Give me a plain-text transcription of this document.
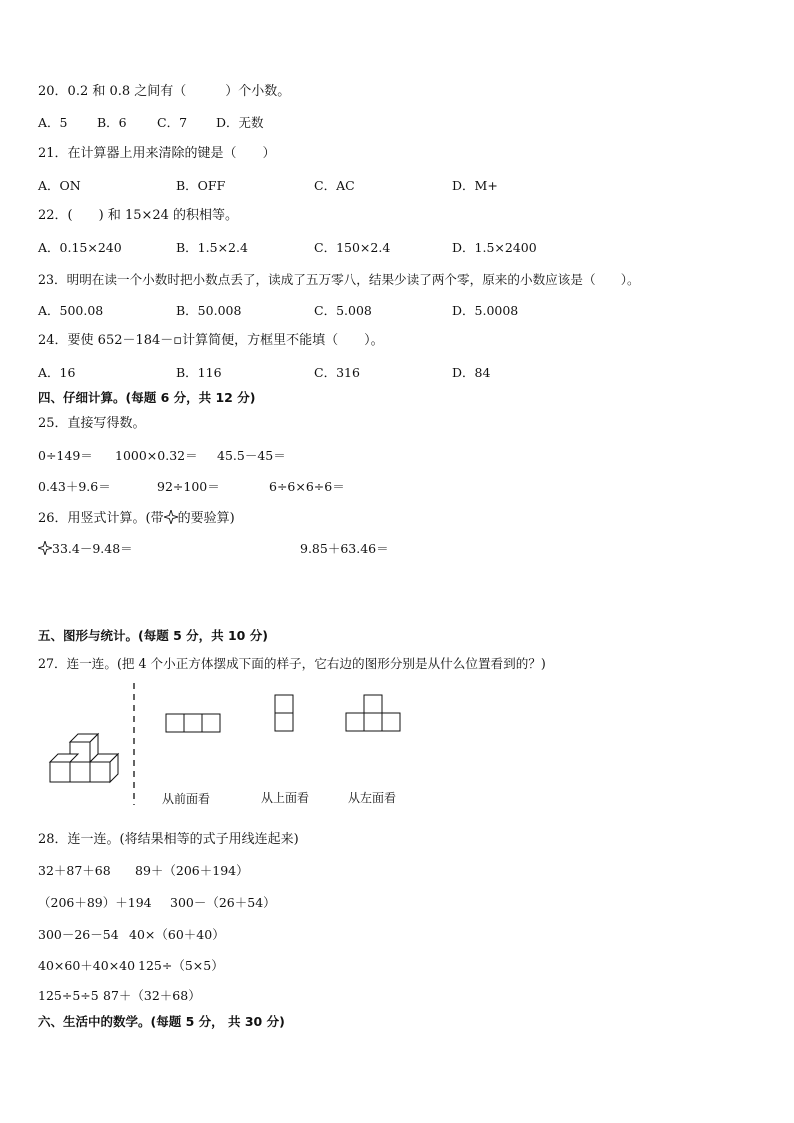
20．0.2 和 0.8 之间有（　　　）个小数。
A．5 B．6 C．7 D．无数
21．在计算器上用来清除的键是（　　）
A．ON	B．OFF	C．AC	D．M+
22．(　　) 和 15×24 的积相等。
A．0.15×240	B．1.5×2.4	C．150×2.4	D．1.5×2400
23．明明在读一个小数时把小数点丢了，读成了五万零八，结果少读了两个零，原来的小数应该是（　　）。
A．500.08	B．50.008	C．5.008	D．5.0008
24．要使 652－184－▫计算简便，方框里不能填（　　）。
A．16	B．116	C．316	D．84
四、仔细计算。(每题 6 分，共 12 分)
25．直接写得数。
0÷149＝ 1000×0.32＝ 45.5－45＝
0.43＋9.6＝	92÷100＝	6÷6×6÷6＝
26．用竖式计算。(带 的要验算)
33.4－9.48＝	9.85＋63.46＝
五、图形与统计。(每题 5 分，共 10 分)
27．连一连。(把 4 个小正方体摆成下面的样子，它右边的图形分别是从什么位置看到的？)
从前面看	从上面看	从左面看
28．连一连。(将结果相等的式子用线连起来)
32＋87＋68 89＋（206＋194）
（206＋89）＋194 300－（26＋54）
300－26－54 40×（60＋40）
40×60＋40×40 125÷（5×5）
125÷5÷5 87＋（32＋68）
六、生活中的数学。(每题 5 分， 共 30 分)
